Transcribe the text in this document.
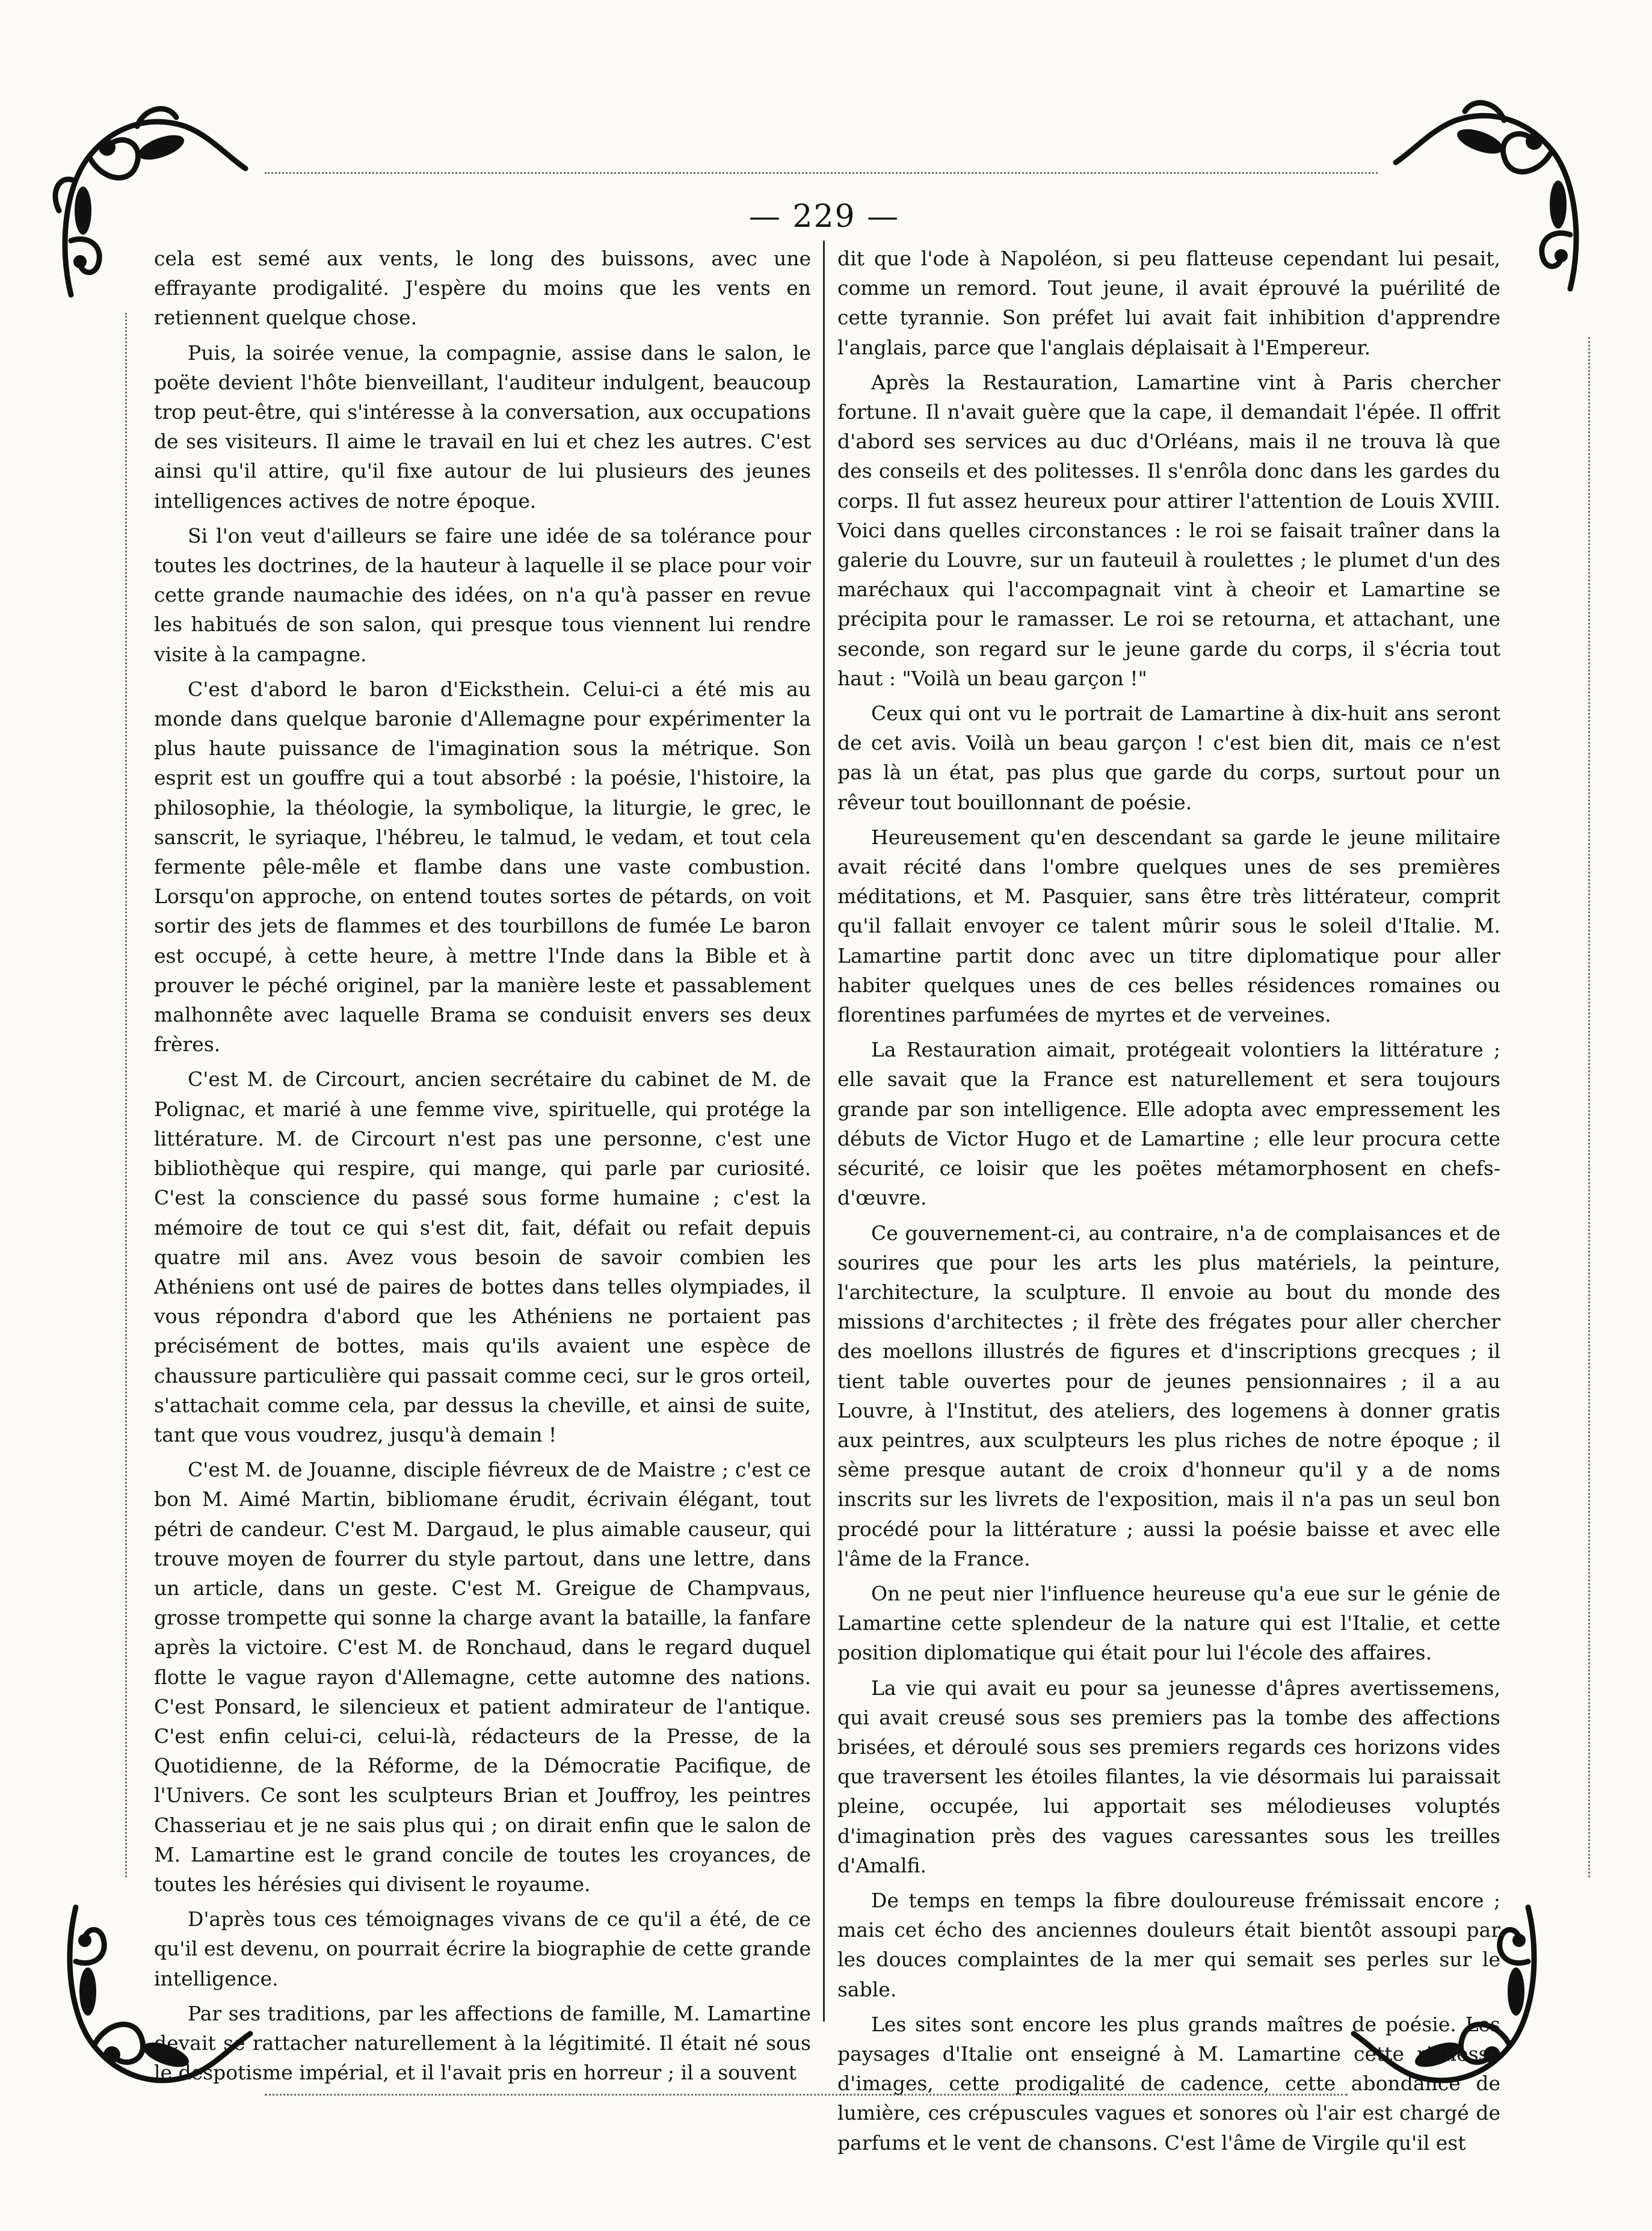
— 229 —

cela est semé aux vents, le long des buissons, avec une effrayante prodigalité. J'espère du moins que les vents en retiennent quelque chose.

Puis, la soirée venue, la compagnie, assise dans le salon, le poëte devient l'hôte bienveillant, l'auditeur indulgent, beaucoup trop peut-être, qui s'intéresse à la conversation, aux occupations de ses visiteurs. Il aime le travail en lui et chez les autres. C'est ainsi qu'il attire, qu'il fixe autour de lui plusieurs des jeunes intelligences actives de notre époque.

Si l'on veut d'ailleurs se faire une idée de sa tolérance pour toutes les doctrines, de la hauteur à laquelle il se place pour voir cette grande naumachie des idées, on n'a qu'à passer en revue les habitués de son salon, qui presque tous viennent lui rendre visite à la campagne.

C'est d'abord le baron d'Eicksthein. Celui-ci a été mis au monde dans quelque baronie d'Allemagne pour expérimenter la plus haute puissance de l'imagination sous la métrique. Son esprit est un gouffre qui a tout absorbé : la poésie, l'histoire, la philosophie, la théologie, la symbolique, la liturgie, le grec, le sanscrit, le syriaque, l'hébreu, le talmud, le vedam, et tout cela fermente pêle-mêle et flambe dans une vaste combustion. Lorsqu'on approche, on entend toutes sortes de pétards, on voit sortir des jets de flammes et des tourbillons de fumée Le baron est occupé, à cette heure, à mettre l'Inde dans la Bible et à prouver le péché originel, par la manière leste et passablement malhonnête avec laquelle Brama se conduisit envers ses deux frères.

C'est M. de Circourt, ancien secrétaire du cabinet de M. de Polignac, et marié à une femme vive, spirituelle, qui protége la littérature. M. de Circourt n'est pas une personne, c'est une bibliothèque qui respire, qui mange, qui parle par curiosité. C'est la conscience du passé sous forme humaine ; c'est la mémoire de tout ce qui s'est dit, fait, défait ou refait depuis quatre mil ans. Avez vous besoin de savoir combien les Athéniens ont usé de paires de bottes dans telles olympiades, il vous répondra d'abord que les Athéniens ne portaient pas précisément de bottes, mais qu'ils avaient une espèce de chaussure particulière qui passait comme ceci, sur le gros orteil, s'attachait comme cela, par dessus la cheville, et ainsi de suite, tant que vous voudrez, jusqu'à demain !

C'est M. de Jouanne, disciple fiévreux de de Maistre ; c'est ce bon M. Aimé Martin, bibliomane érudit, écrivain élégant, tout pétri de candeur. C'est M. Dargaud, le plus aimable causeur, qui trouve moyen de fourrer du style partout, dans une lettre, dans un article, dans un geste. C'est M. Greigue de Champvaus, grosse trompette qui sonne la charge avant la bataille, la fanfare après la victoire. C'est M. de Ronchaud, dans le regard duquel flotte le vague rayon d'Allemagne, cette automne des nations. C'est Ponsard, le silencieux et patient admirateur de l'antique. C'est enfin celui-ci, celui-là, rédacteurs de la Presse, de la Quotidienne, de la Réforme, de la Démocratie Pacifique, de l'Univers. Ce sont les sculpteurs Brian et Jouffroy, les peintres Chasseriau et je ne sais plus qui ; on dirait enfin que le salon de M. Lamartine est le grand concile de toutes les croyances, de toutes les hérésies qui divisent le royaume.

D'après tous ces témoignages vivans de ce qu'il a été, de ce qu'il est devenu, on pourrait écrire la biographie de cette grande intelligence.

Par ses traditions, par les affections de famille, M. Lamartine devait se rattacher naturellement à la légitimité. Il était né sous le despotisme impérial, et il l'avait pris en horreur ; il a souvent

dit que l'ode à Napoléon, si peu flatteuse cependant lui pesait, comme un remord. Tout jeune, il avait éprouvé la puérilité de cette tyrannie. Son préfet lui avait fait inhibition d'apprendre l'anglais, parce que l'anglais déplaisait à l'Empereur.

Après la Restauration, Lamartine vint à Paris chercher fortune. Il n'avait guère que la cape, il demandait l'épée. Il offrit d'abord ses services au duc d'Orléans, mais il ne trouva là que des conseils et des politesses. Il s'enrôla donc dans les gardes du corps. Il fut assez heureux pour attirer l'attention de Louis XVIII. Voici dans quelles circonstances : le roi se faisait traîner dans la galerie du Louvre, sur un fauteuil à roulettes ; le plumet d'un des maréchaux qui l'accompagnait vint à cheoir et Lamartine se précipita pour le ramasser. Le roi se retourna, et attachant, une seconde, son regard sur le jeune garde du corps, il s'écria tout haut : "Voilà un beau garçon !"

Ceux qui ont vu le portrait de Lamartine à dix-huit ans seront de cet avis. Voilà un beau garçon ! c'est bien dit, mais ce n'est pas là un état, pas plus que garde du corps, surtout pour un rêveur tout bouillonnant de poésie.

Heureusement qu'en descendant sa garde le jeune militaire avait récité dans l'ombre quelques unes de ses premières méditations, et M. Pasquier, sans être très littérateur, comprit qu'il fallait envoyer ce talent mûrir sous le soleil d'Italie. M. Lamartine partit donc avec un titre diplomatique pour aller habiter quelques unes de ces belles résidences romaines ou florentines parfumées de myrtes et de verveines.

La Restauration aimait, protégeait volontiers la littérature ; elle savait que la France est naturellement et sera toujours grande par son intelligence. Elle adopta avec empressement les débuts de Victor Hugo et de Lamartine ; elle leur procura cette sécurité, ce loisir que les poëtes métamorphosent en chefs-d'œuvre.

Ce gouvernement-ci, au contraire, n'a de complaisances et de sourires que pour les arts les plus matériels, la peinture, l'architecture, la sculpture. Il envoie au bout du monde des missions d'architectes ; il frète des frégates pour aller chercher des moellons illustrés de figures et d'inscriptions grecques ; il tient table ouvertes pour de jeunes pensionnaires ; il a au Louvre, à l'Institut, des ateliers, des logemens à donner gratis aux peintres, aux sculpteurs les plus riches de notre époque ; il sème presque autant de croix d'honneur qu'il y a de noms inscrits sur les livrets de l'exposition, mais il n'a pas un seul bon procédé pour la littérature ; aussi la poésie baisse et avec elle l'âme de la France.

On ne peut nier l'influence heureuse qu'a eue sur le génie de Lamartine cette splendeur de la nature qui est l'Italie, et cette position diplomatique qui était pour lui l'école des affaires.

La vie qui avait eu pour sa jeunesse d'âpres avertissemens, qui avait creusé sous ses premiers pas la tombe des affections brisées, et déroulé sous ses premiers regards ces horizons vides que traversent les étoiles filantes, la vie désormais lui paraissait pleine, occupée, lui apportait ses mélodieuses voluptés d'imagination près des vagues caressantes sous les treilles d'Amalfi.

De temps en temps la fibre douloureuse frémissait encore ; mais cet écho des anciennes douleurs était bientôt assoupi par les douces complaintes de la mer qui semait ses perles sur le sable.

Les sites sont encore les plus grands maîtres de poésie. Les paysages d'Italie ont enseigné à M. Lamartine cette richesse d'images, cette prodigalité de cadence, cette abondance de lumière, ces crépuscules vagues et sonores où l'air est chargé de parfums et le vent de chansons. C'est l'âme de Virgile qu'il est
